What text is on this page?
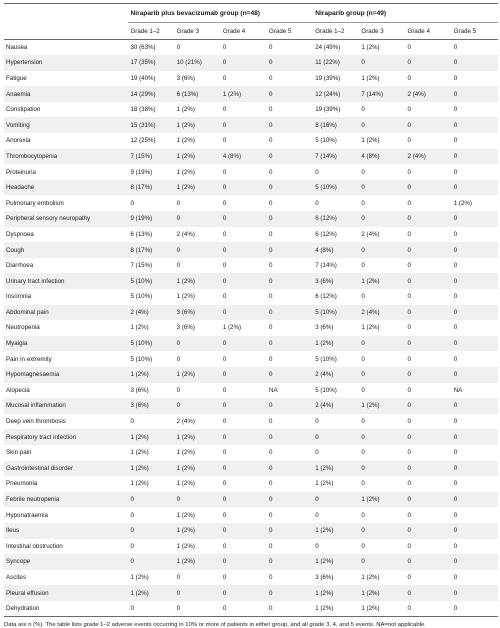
	Niraparib plus bevacizumab group (n=48)				Niraparib group (n=49)			
	Grade 1–2	Grade 3	Grade 4	Grade 5	Grade 1–2	Grade 3	Grade 4	Grade 5
Nausea	30 (63%)	0	0	0	24 (49%)	1 (2%)	0	0
Hypertension	17 (35%)	10 (21%)	0	0	11 (22%)	0	0	0
Fatigue	19 (40%)	3 (6%)	0	0	19 (39%)	1 (2%)	0	0
Anaemia	14 (29%)	6 (13%)	1 (2%)	0	12 (24%)	7 (14%)	2 (4%)	0
Constipation	18 (38%)	1 (2%)	0	0	19 (39%)	0	0	0
Vomiting	15 (31%)	1 (2%)	0	0	8 (16%)	0	0	0
Anorexia	12 (25%)	1 (2%)	0	0	5 (10%)	1 (2%)	0	0
Thrombocytopenia	7 (15%)	1 (2%)	4 (8%)	0	7 (14%)	4 (8%)	2 (4%)	0
Proteinuria	9 (19%)	1 (2%)	0	0	0	0	0	0
Headache	8 (17%)	1 (2%)	0	0	5 (10%)	0	0	0
Pulmonary embolism	0	0	0	0	0	0	0	1 (2%)
Peripheral sensory neuropathy	9 (19%)	0	0	0	6 (12%)	0	0	0
Dyspnoea	6 (13%)	2 (4%)	0	0	6 (12%)	2 (4%)	0	0
Cough	8 (17%)	0	0	0	4 (8%)	0	0	0
Diarrhoea	7 (15%)	0	0	0	7 (14%)	0	0	0
Urinary tract infection	5 (10%)	1 (2%)	0	0	3 (6%)	1 (2%)	0	0
Insomnia	5 (10%)	1 (2%)	0	0	6 (12%)	0	0	0
Abdominal pain	2 (4%)	3 (6%)	0	0	5 (10%)	2 (4%)	0	0
Neutropenia	1 (2%)	3 (6%)	1 (2%)	0	3 (6%)	1 (2%)	0	0
Myalgia	5 (10%)	0	0	0	1 (2%)	0	0	0
Pain in extremity	5 (10%)	0	0	0	5 (10%)	0	0	0
Hypomagnesaemia	1 (2%)	1 (2%)	0	0	2 (4%)	0	0	0
Alopecia	3 (6%)	0	0	NA	5 (10%)	0	0	NA
Mucosal inflammation	3 (6%)	0	0	0	2 (4%)	1 (2%)	0	0
Deep vein thrombosis	0	2 (4%)	0	0	0	0	0	0
Respiratory tract infection	1 (2%)	1 (2%)	0	0	0	0	0	0
Skin pain	1 (2%)	1 (2%)	0	0	0	0	0	0
Gastrointestinal disorder	1 (2%)	1 (2%)	0	0	1 (2%)	0	0	0
Pneumonia	1 (2%)	1 (2%)	0	0	1 (2%)	0	0	0
Febrile neutropenia	0	0	0	0	0	1 (2%)	0	0
Hyponatraemia	0	1 (2%)	0	0	0	0	0	0
Ileus	0	1 (2%)	0	0	1 (2%)	0	0	0
Intestinal obstruction	0	1 (2%)	0	0	0	0	0	0
Syncope	0	1 (2%)	0	0	1 (2%)	0	0	0
Ascites	1 (2%)	0	0	0	3 (6%)	1 (2%)	0	0
Pleural effusion	1 (2%)	0	0	0	1 (2%)	1 (2%)	0	0
Dehydration	0	0	0	0	1 (2%)	1 (2%)	0	0
Data are n (%). The table lists grade 1–2 adverse events occurring in 10% or more of patients in either group, and all grade 3, 4, and 5 events. NA=not applicable.
